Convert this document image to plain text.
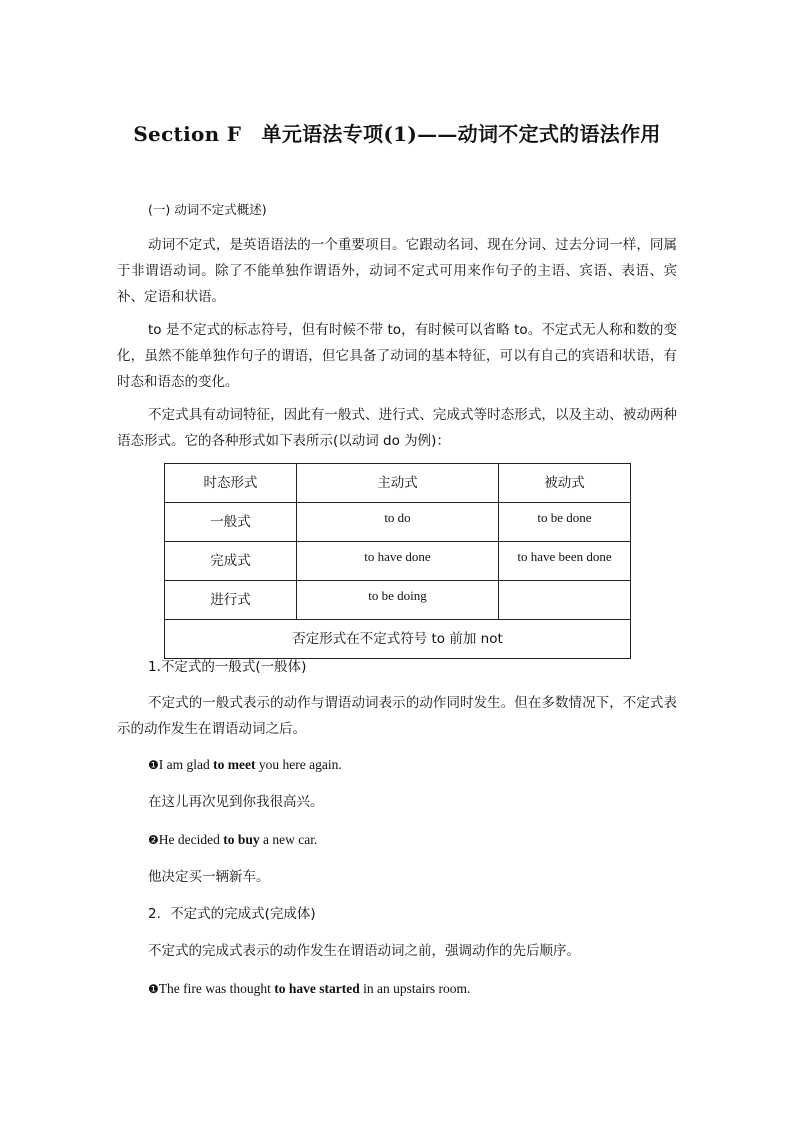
Section F　单元语法专项(1)——动词不定式的语法作用
(一) 动词不定式概述)
动词不定式，是英语语法的一个重要项目。它跟动名词、现在分词、过去分词一样，同属于非谓语动词。除了不能单独作谓语外，动词不定式可用来作句子的主语、宾语、表语、宾补、定语和状语。
to 是不定式的标志符号，但有时候不带 to，有时候可以省略 to。不定式无人称和数的变化，虽然不能单独作句子的谓语，但它具备了动词的基本特征，可以有自己的宾语和状语，有时态和语态的变化。
不定式具有动词特征，因此有一般式、进行式、完成式等时态形式，以及主动、被动两种语态形式。它的各种形式如下表所示(以动词 do 为例)：
时态形式	主动式	被动式
一般式	to do	to be done
完成式	to have done	to have been done
进行式	to be doing	
否定形式在不定式符号 to 前加 not		
1.不定式的一般式(一般体)
不定式的一般式表示的动作与谓语动词表示的动作同时发生。但在多数情况下，不定式表示的动作发生在谓语动词之后。
❶I am glad to meet you here again.
在这儿再次见到你我很高兴。
❷He decided to buy a new car.
他决定买一辆新车。
2．不定式的完成式(完成体)
不定式的完成式表示的动作发生在谓语动词之前，强调动作的先后顺序。
❶The fire was thought to have started in an upstairs room.
